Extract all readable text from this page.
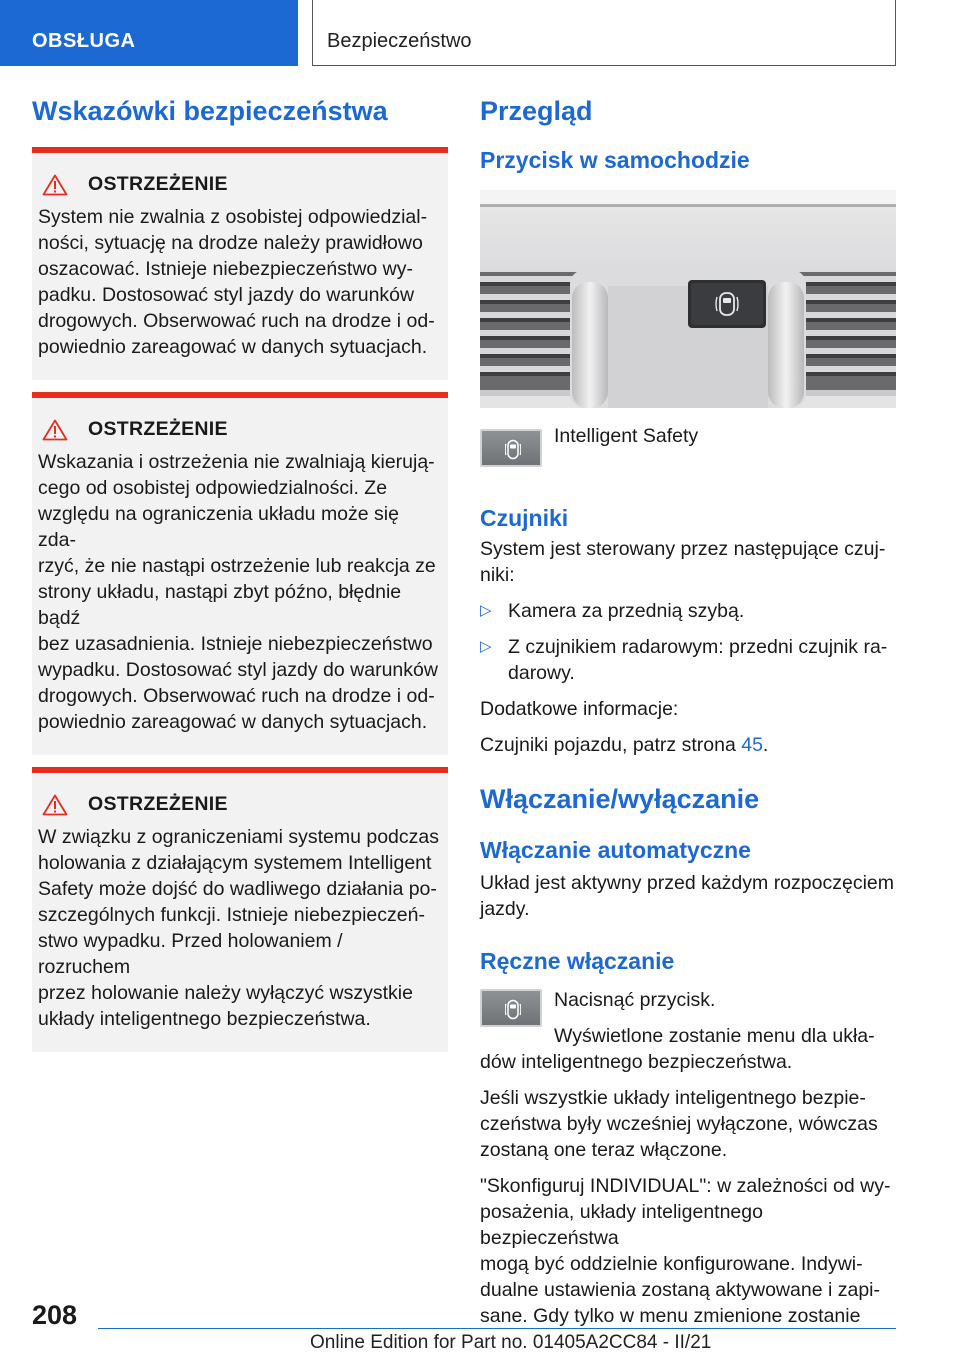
OBSŁUGA	Bezpieczeństwo
Wskazówki bezpieczeństwa
OSTRZEŻENIE
System nie zwalnia z osobistej odpowiedzial-
ności, sytuację na drodze należy prawidłowo
oszacować. Istnieje niebezpieczeństwo wy-
padku. Dostosować styl jazdy do warunków
drogowych. Obserwować ruch na drodze i od-
powiednio zareagować w danych sytuacjach.
OSTRZEŻENIE
Wskazania i ostrzeżenia nie zwalniają kierują-
cego od osobistej odpowiedzialności. Ze
względu na ograniczenia układu może się zda-
rzyć, że nie nastąpi ostrzeżenie lub reakcja ze
strony układu, nastąpi zbyt późno, błędnie bądź
bez uzasadnienia. Istnieje niebezpieczeństwo
wypadku. Dostosować styl jazdy do warunków
drogowych. Obserwować ruch na drodze i od-
powiednio zareagować w danych sytuacjach.
OSTRZEŻENIE
W związku z ograniczeniami systemu podczas
holowania z działającym systemem Intelligent
Safety może dojść do wadliwego działania po-
szczególnych funkcji. Istnieje niebezpieczeń-
stwo wypadku. Przed holowaniem / rozruchem
przez holowanie należy wyłączyć wszystkie
układy inteligentnego bezpieczeństwa.
Przegląd
Przycisk w samochodzie

Intelligent Safety

Czujniki

System jest sterowany przez następujące czuj-
niki:

▷ Kamera za przednią szybą.
▷ Z czujnikiem radarowym: przedni czujnik ra-
darowy.

Dodatkowe informacje:

Czujniki pojazdu, patrz strona 45.

Włączanie/wyłączanie
Włączanie automatyczne

Układ jest aktywny przed każdym rozpoczęciem
jazdy.

Ręczne włączanie

Nacisnąć przycisk.

Wyświetlone zostanie menu dla ukła-

dów inteligentnego bezpieczeństwa.

Jeśli wszystkie układy inteligentnego bezpie-
czeństwa były wcześniej wyłączone, wówczas
zostaną one teraz włączone.

"Skonfiguruj INDIVIDUAL": w zależności od wy-
posażenia, układy inteligentnego bezpieczeństwa
mogą być oddzielnie konfigurowane. Indywi-
dualne ustawienia zostaną aktywowane i zapi-
sane. Gdy tylko w menu zmienione zostanie

208
Online Edition for Part no. 01405A2CC84 - II/21
